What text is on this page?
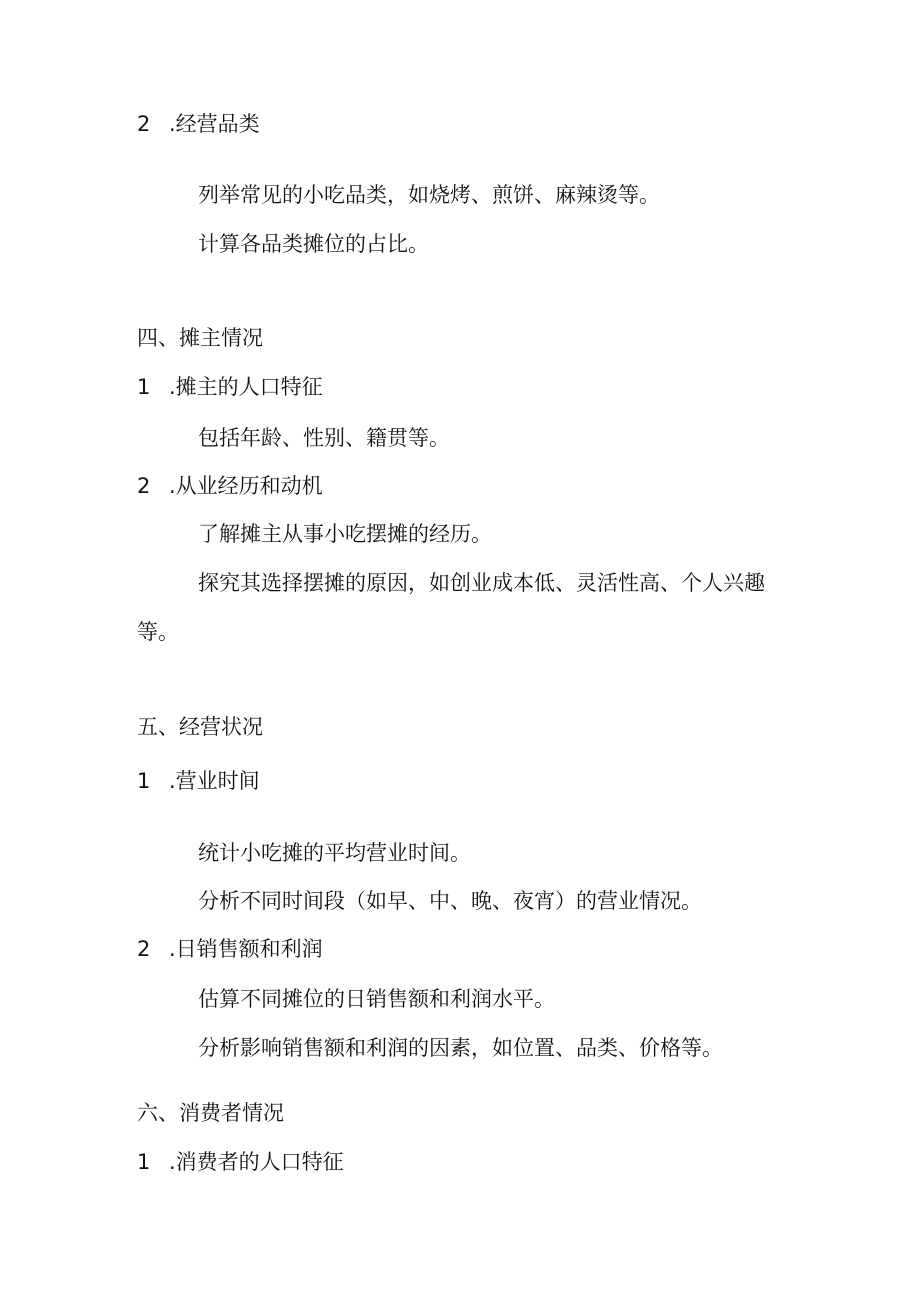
2 .经营品类
列举常见的小吃品类，如烧烤、煎饼、麻辣烫等。
计算各品类摊位的占比。
四、摊主情况
1 .摊主的人口特征
包括年龄、性别、籍贯等。
2 .从业经历和动机
了解摊主从事小吃摆摊的经历。
探究其选择摆摊的原因，如创业成本低、灵活性高、个人兴趣
等。
五、经营状况
1 .营业时间
统计小吃摊的平均营业时间。
分析不同时间段（如早、中、晚、夜宵）的营业情况。
2 .日销售额和利润
估算不同摊位的日销售额和利润水平。
分析影响销售额和利润的因素，如位置、品类、价格等。
六、消费者情况
1 .消费者的人口特征
